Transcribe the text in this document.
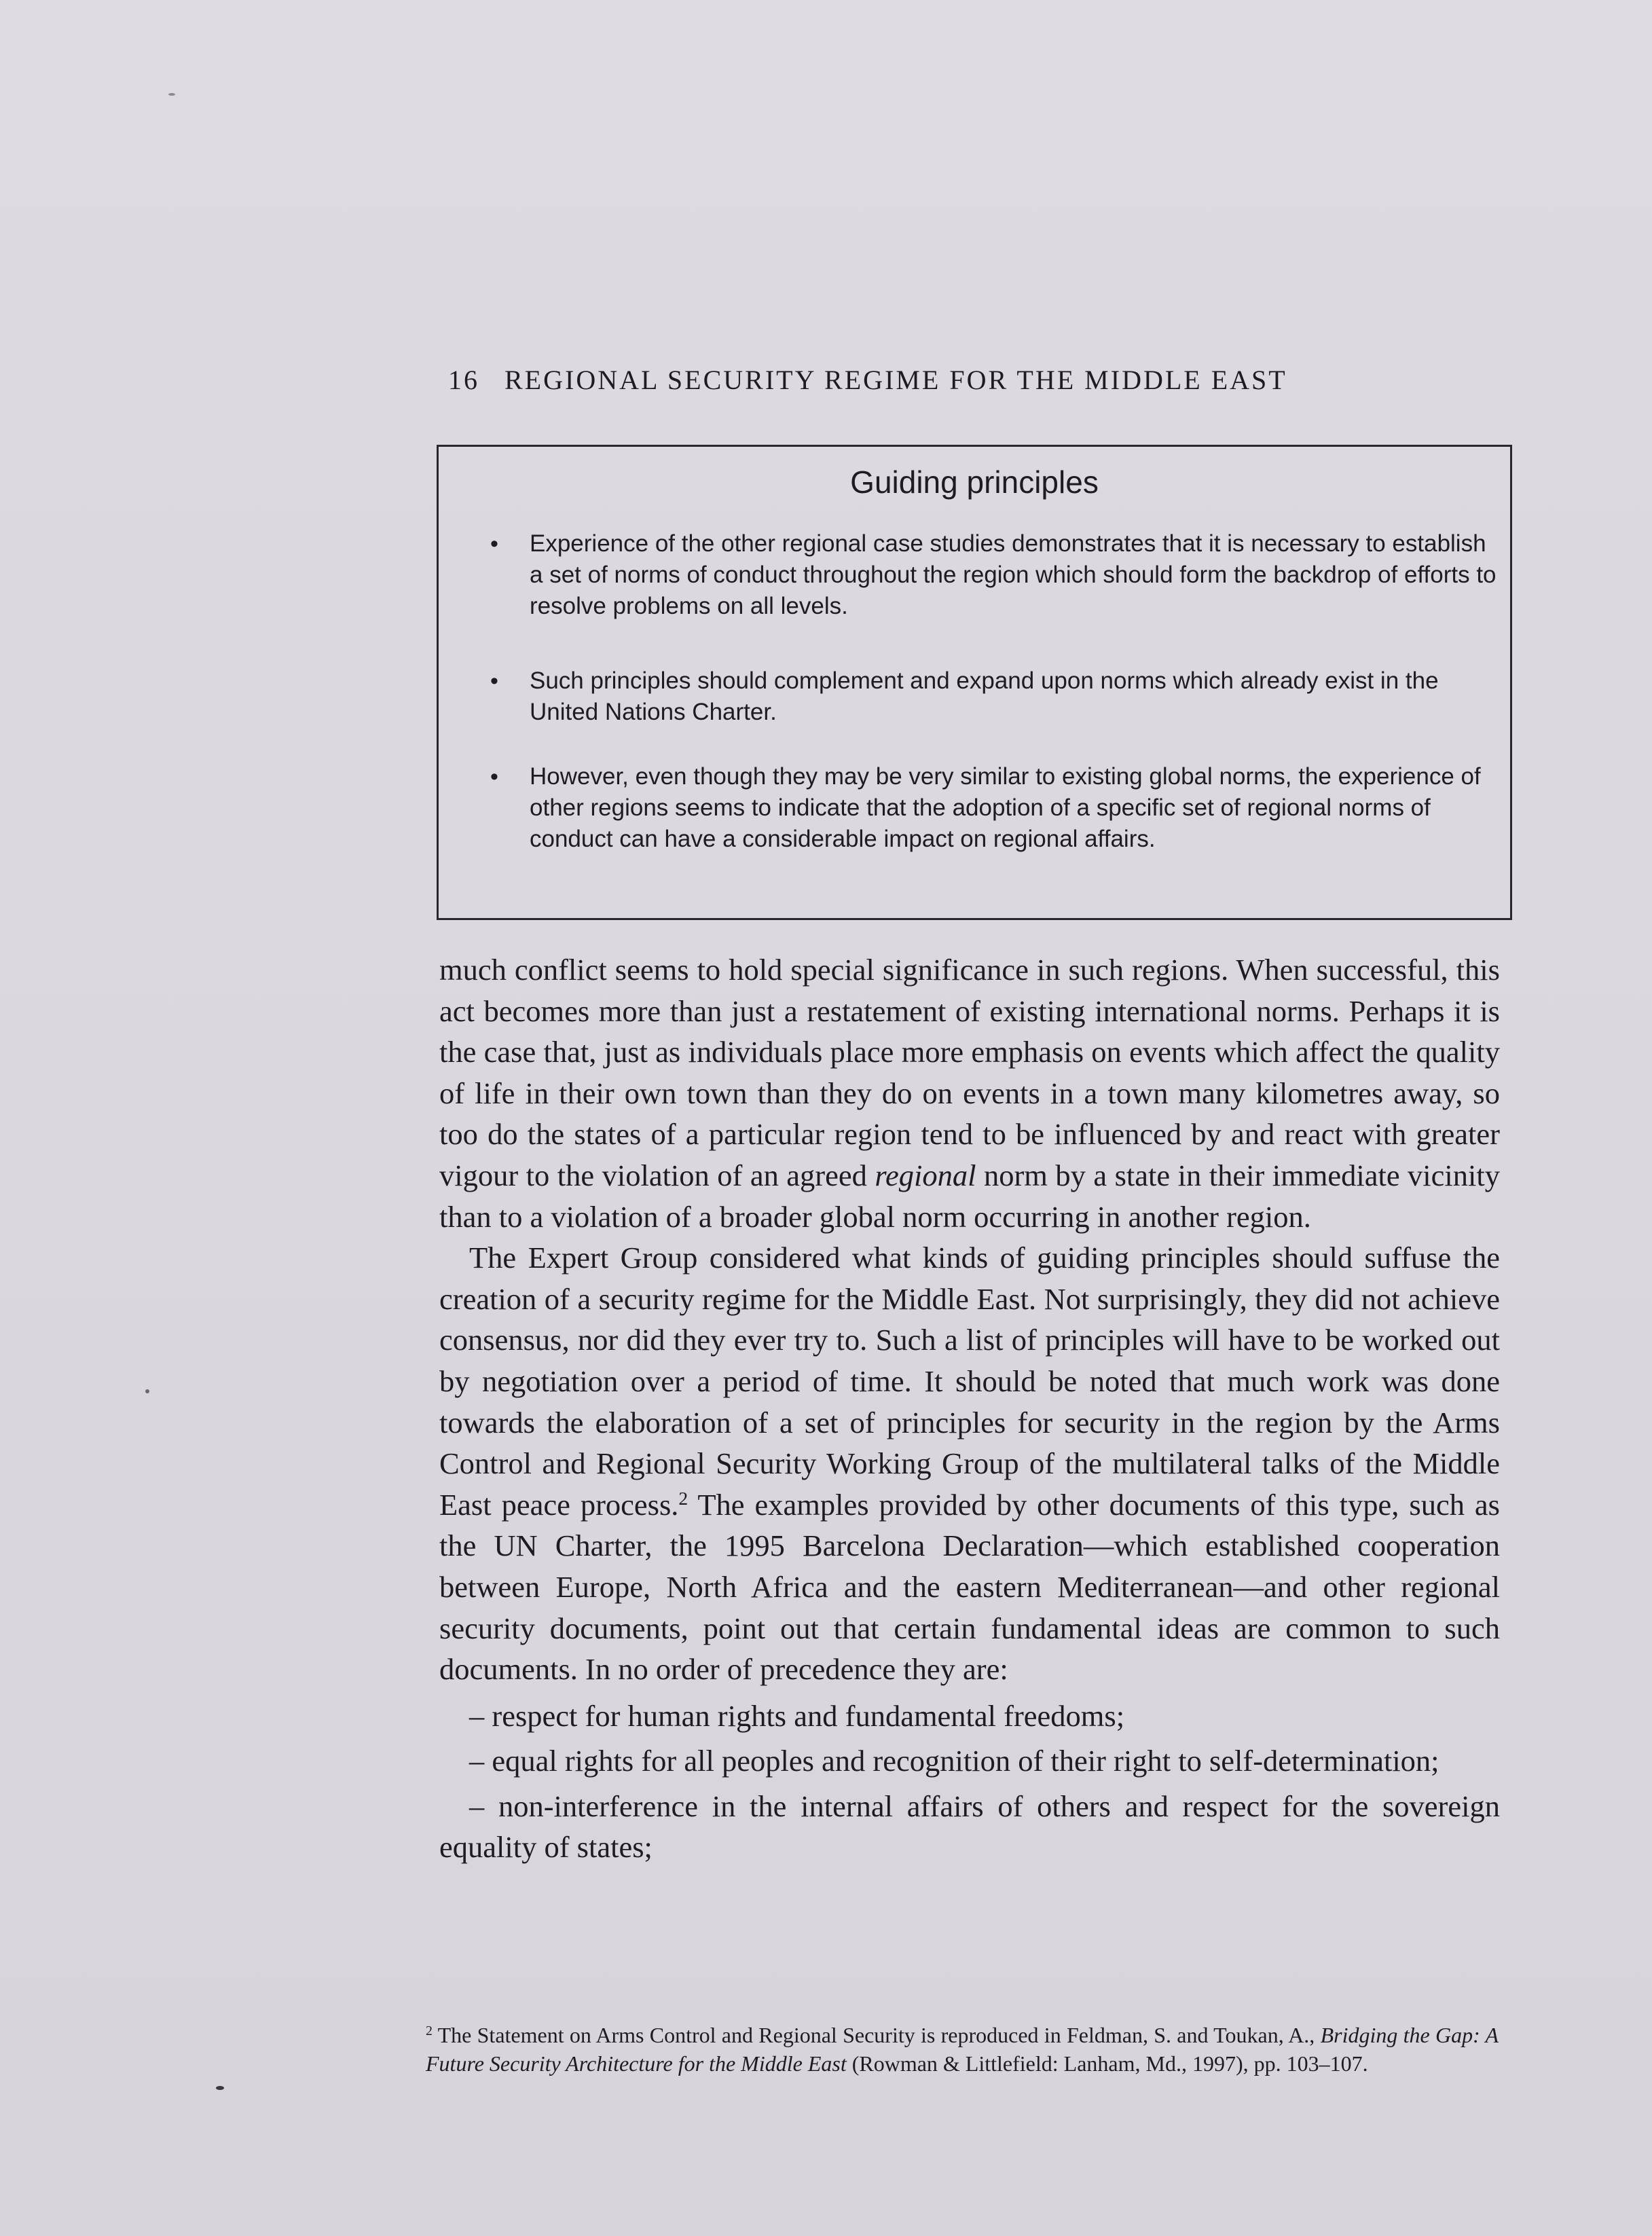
16 REGIONAL SECURITY REGIME FOR THE MIDDLE EAST
Guiding principles
• Experience of the other regional case studies demonstrates that it is necessary to establish a set of norms of conduct throughout the region which should form the backdrop of efforts to resolve problems on all levels.
• Such principles should complement and expand upon norms which already exist in the United Nations Charter.
• However, even though they may be very similar to existing global norms, the experience of other regions seems to indicate that the adoption of a specific set of regional norms of conduct can have a considerable impact on regional affairs.

much conflict seems to hold special significance in such regions. When successful, this act becomes more than just a restatement of existing international norms. Perhaps it is the case that, just as individuals place more emphasis on events which affect the quality of life in their own town than they do on events in a town many kilometres away, so too do the states of a particular region tend to be influenced by and react with greater vigour to the violation of an agreed regional norm by a state in their immediate vicinity than to a violation of a broader global norm occurring in another region.

The Expert Group considered what kinds of guiding principles should suffuse the creation of a security regime for the Middle East. Not surprisingly, they did not achieve consensus, nor did they ever try to. Such a list of principles will have to be worked out by negotiation over a period of time. It should be noted that much work was done towards the elaboration of a set of principles for security in the region by the Arms Control and Regional Security Working Group of the multilateral talks of the Middle East peace process.$^2$ The examples provided by other documents of this type, such as the UN Charter, the 1995 Barcelona Declaration—which established cooperation between Europe, North Africa and the eastern Mediterranean—and other regional security documents, point out that certain fundamental ideas are common to such documents. In no order of precedence they are:

– respect for human rights and fundamental freedoms;

– equal rights for all peoples and recognition of their right to self-determination;

– non-interference in the internal affairs of others and respect for the sovereign equality of states;

$^2$ The Statement on Arms Control and Regional Security is reproduced in Feldman, S. and Toukan, A., Bridging the Gap: A Future Security Architecture for the Middle East (Rowman & Littlefield: Lanham, Md., 1997), pp. 103–107.
